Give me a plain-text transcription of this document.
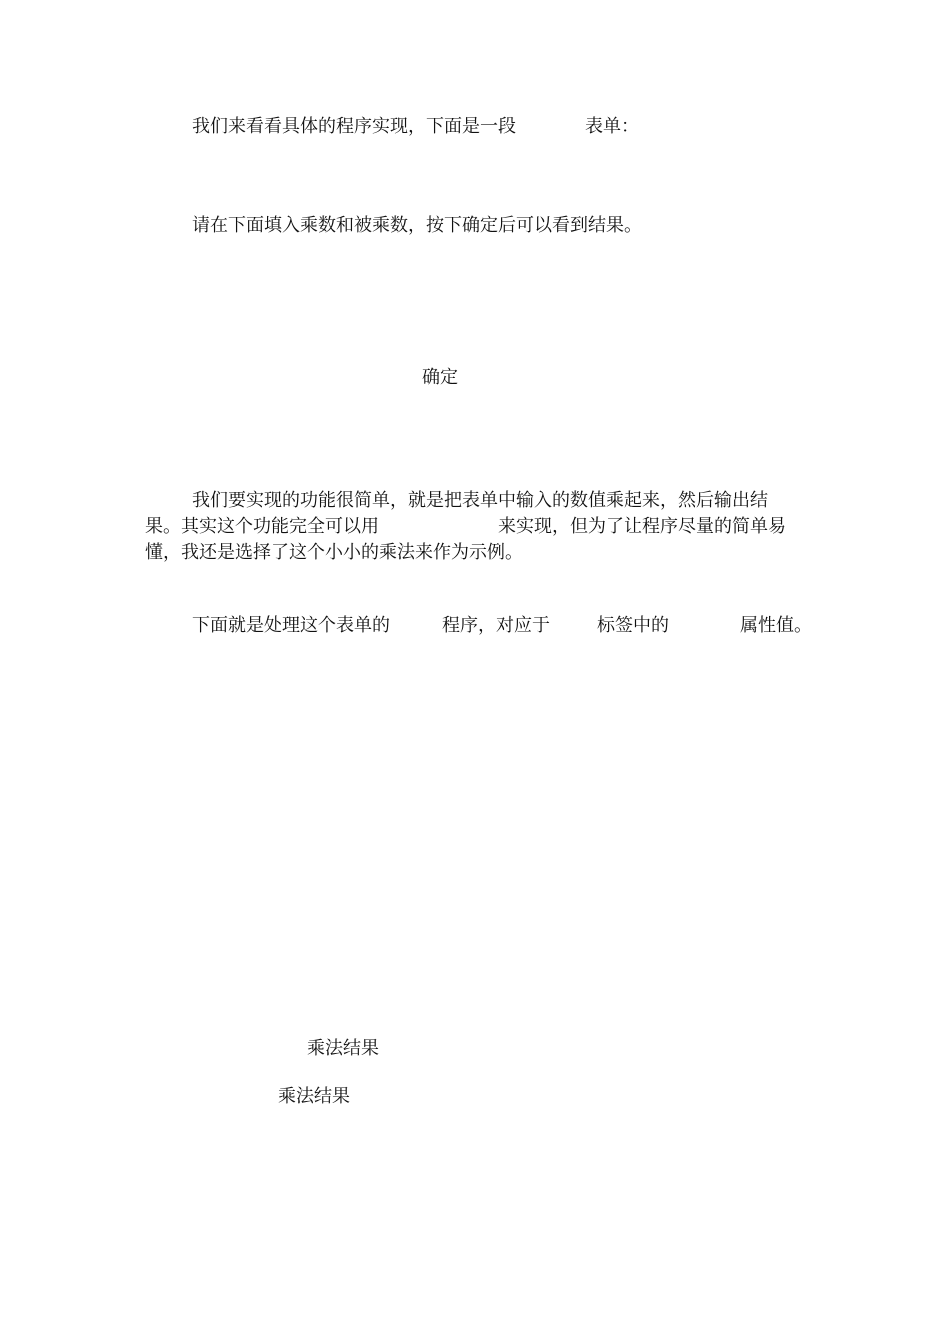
我们来看看具体的程序实现，下面是一段	表单：
请在下面填入乘数和被乘数，按下确定后可以看到结果。
确定
我们要实现的功能很简单，就是把表单中输入的数值乘起来，然后输出结
果。其实这个功能完全可以用	来实现，但为了让程序尽量的简单易
懂，我还是选择了这个小小的乘法来作为示例。
下面就是处理这个表单的	程序，对应于	标签中的	属性值。
乘法结果
乘法结果
